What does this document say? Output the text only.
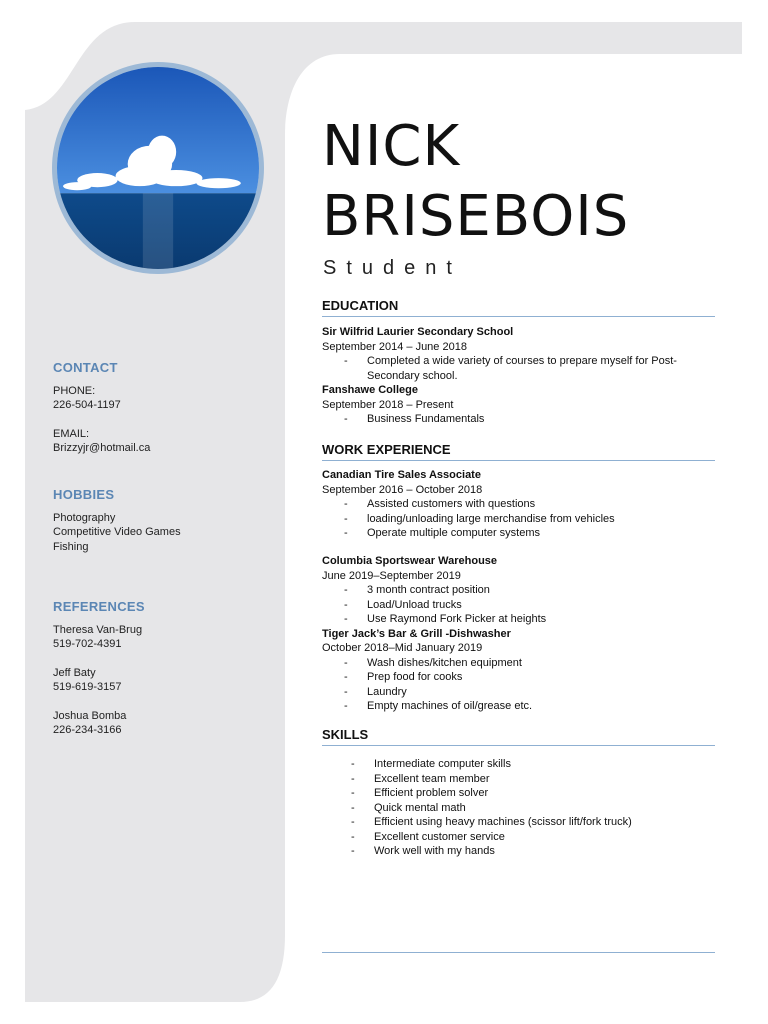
NICK
BRISEBOIS
Student
CONTACT

PHONE:

226-504-1197

EMAIL:

Brizzyjr@hotmail.ca

HOBBIES

Photography

Competitive Video Games

Fishing

REFERENCES

Theresa Van-Brug

519-702-4391

Jeff Baty

519-619-3157

Joshua Bomba

226-234-3166

EDUCATION
Sir Wilfrid Laurier Secondary School
September 2014 – June 2018
- Completed a wide variety of courses to prepare myself for Post-Secondary school.
Fanshawe College
September 2018 – Present
- Business Fundamentals
WORK EXPERIENCE
Canadian Tire Sales Associate
September 2016 – October 2018
- Assisted customers with questions
- loading/unloading large merchandise from vehicles
- Operate multiple computer systems
Columbia Sportswear Warehouse
June 2019–September 2019
- 3 month contract position
- Load/Unload trucks
- Use Raymond Fork Picker at heights
Tiger Jack’s Bar & Grill -Dishwasher
October 2018–Mid January 2019
- Wash dishes/kitchen equipment
- Prep food for cooks
- Laundry
- Empty machines of oil/grease etc.
SKILLS
- Intermediate computer skills
- Excellent team member
- Efficient problem solver
- Quick mental math
- Efficient using heavy machines (scissor lift/fork truck)
- Excellent customer service
- Work well with my hands
